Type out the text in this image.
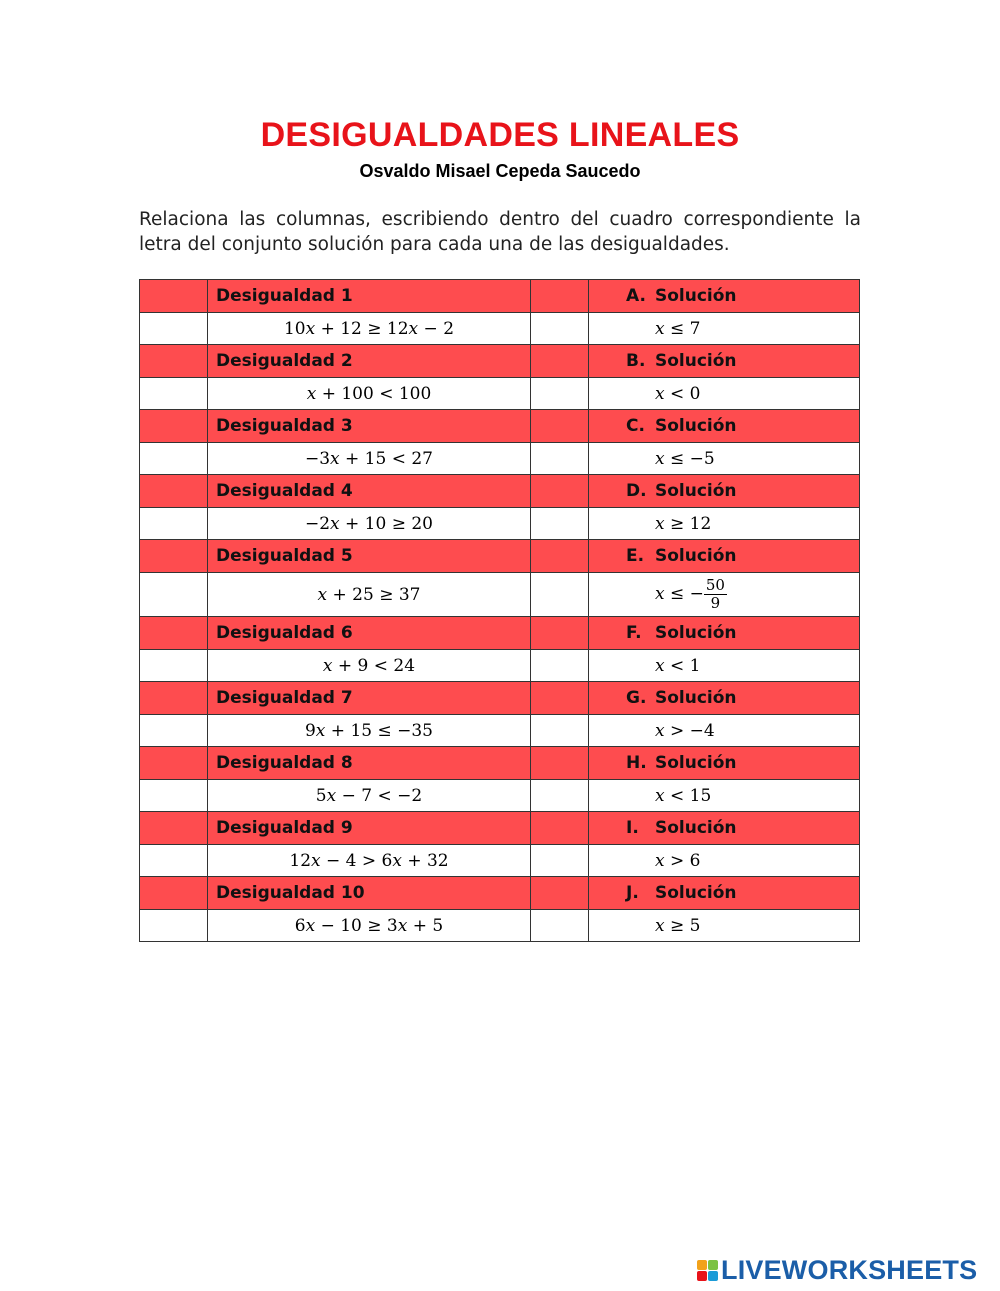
DESIGUALDADES LINEALES
Osvaldo Misael Cepeda Saucedo
Relaciona las columnas, escribiendo dentro del cuadro correspondiente la letra del conjunto solución para cada una de las desigualdades.
	Desigualdad 1		A. Solución
	10𝑥 + 12 ≥ 12𝑥 − 2		𝑥 ≤ 7
	Desigualdad 2		B. Solución
	𝑥 + 100 < 100		𝑥 < 0
	Desigualdad 3		C. Solución
	−3𝑥 + 15 < 27		𝑥 ≤ −5
	Desigualdad 4		D. Solución
	−2𝑥 + 10 ≥ 20		𝑥 ≥ 12
	Desigualdad 5		E. Solución
	𝑥 + 25 ≥ 37		𝑥 ≤ − $\frac{50}{9}$

	Desigualdad 6		F. Solución
	𝑥 + 9 < 24		𝑥 < 1
	Desigualdad 7		G. Solución
	9𝑥 + 15 ≤ −35		𝑥 > −4
	Desigualdad 8		H. Solución
	5𝑥 − 7 < −2		𝑥 < 15
	Desigualdad 9		I. Solución
	12𝑥 − 4 > 6𝑥 + 32		𝑥 > 6
	Desigualdad 10		J. Solución
	6𝑥 − 10 ≥ 3𝑥 + 5		𝑥 ≥ 5
LIVEWORKSHEETS
